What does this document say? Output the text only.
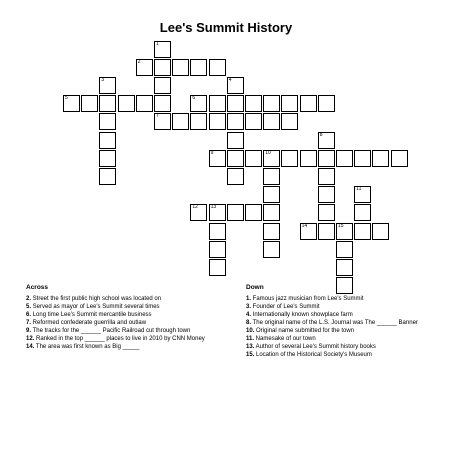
Lee's Summit History
1
7
2
3	4
5	6
8
9	10
11
12	13
14	15
Across
2. Street the first public high school was located on
5. Served as mayor of Lee's Summit several times
6. Long time Lee's Summit mercantile business
7. Reformed confederate guerrilla and outlaw
9. The tracks for the ______ Pacific Railroad cut through town
12. Ranked in the top ______ places to live in 2010 by CNN Money
14. The area was first known as Big _____
Down
1. Famous jazz musician from Lee's Summit
3. Founder of Lee's Summit
4. Internationally known showplace farm
8. The original name of the L.S. Journal was The ______ Banner
10. Original name submitted for the town
11. Namesake of our town
13. Author of several Lee's Summit history books
15. Location of the Historical Society's Museum
